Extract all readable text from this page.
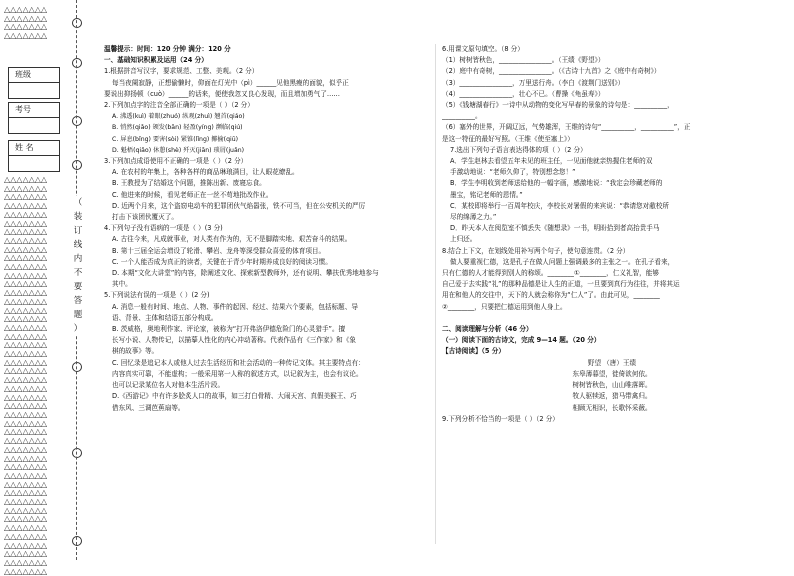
△△△△△△△
△△△△△△△
△△△△△△△
△△△△△△△
班级
考号
姓 名
△△△△△△△
△△△△△△△
△△△△△△△
△△△△△△△
△△△△△△△
△△△△△△△
△△△△△△△
△△△△△△△
△△△△△△△
△△△△△△△
△△△△△△△
△△△△△△△
△△△△△△△
△△△△△△△
△△△△△△△
△△△△△△△
△△△△△△△
△△△△△△△
△△△△△△△
△△△△△△△
△△△△△△△
△△△△△△△
△△△△△△△
△△△△△△△
△△△△△△△
△△△△△△△
△△△△△△△
△△△△△△△
△△△△△△△
△△△△△△△
△△△△△△△
△△△△△△△
△△△△△△△
△△△△△△△
△△△△△△△
△△△△△△△
△△△△△△△
△△△△△△△
△△△△△△△
△△△△△△△
△△△△△△△
△△△△△△△
△△△△△△△
△△△△△△△
△△△△△△△
△△△△△△△
（
装
订
线
内
不
要
答
题
）
温馨提示：时间：120 分钟 满分：120 分
一、基础知识积累及运用（24 分）
1.根据拼音写汉字，要求规范、工整、美观。（2 分）
每当夜阑寂静，正想偷懒时，仰面在灯光中（pì）______见他黑瘦的面貌，似乎正
要说出抑扬顿（cuò）______的话来，便使我忽又良心发现，而且增加勇气了……
2.下列加点字的注音全部正确的一项是（ ）（2 分）
A. 沸透(kuì) 着眼(zhuó) 纵观(zhuì) 翘首(qiáo)
B. 悄然(qiǎo) 颁发(bān) 轻盈(yíng) 濒临(qiú)
C. 屏息(bǐng) 要害(sòi) 紧锥(lǐng) 揶揄(qiū)
D. 魁梧(qiǎo) 休憩(shè) 歼灭(jiān) 琐屑(juǎn)
3.下列加点成语使用不正确的一项是（ ）（2 分）
A. 在农村的年集上，各种各样的商品琳琅满目，让人眼花缭乱。
B. 王教授为了结婚这个问题，推陈出新、废寝忘食。
C. 他进来的时候，看见老师正在一丝不苟地批改作业。
D. 近两个月来，这个盗窃电动车的犯罪团伙气焰嚣张，铁不可当，但在公安机关的严厉
打击下该团伙覆灭了。
4.下列句子没有语病的一项是（ ）(3 分)
A. 古往今来，凡成就事业，对人类有作为的，无不是脚踏实地、艰苦奋斗的结果。
B. 第十三届全运会增设了轮滑、攀岩、龙舟等深受群众喜爱的体育项目。
C. 一个人能否成为真正的读者，关键在于青少年时期养成良好的阅读习惯。
D. 本期“文化大讲堂”的内容，除阐述文化、探索新型教师外，还有说明、攀扶优秀地地参与
其中。
5.下列说法有误的一项是（ ）(2 分)
A. 消息一般有时间、地点、人物、事件的起因、经过、结果六个要素，包括标题、导
语、背景、主体和结语五部分构成。
B. 茨威格，奥地利作家、评论家，被称为“打开弗洛伊德危险门的心灵猎手”。擅
长写小说、人物传记，以描摹人性化的内心冲动著称。代表作品有《三作家》和《象
棋的故事》等。
C. 回忆录是追记本人或他人过去生活经历和社会活动的一种传记文体。其主要特点有：
内容真实可靠，不能虚构；一般采用第一人称的叙述方式，以记叙为主，也会有议论。
也可以记录某位名人对他本生活片段。
D.《西游记》中有许多脍炙人口的故事，如三打白骨精、大闹天宫、真假美猴王、巧
借东风、三调芭蕉扇等。
6.用课文原句填空。（8 分）
（1）树树皆秋色，________________。（王绩《野望》）
（2）庭中有奇树，________________。（《古诗十九首》之《庭中有奇树》）
（3）________________，万里送行舟。（李白《渡荆门送别》）
（4）________________，壮心不已。（曹操《龟虽寿》）
（5）《钱塘湖春行》一诗中从动物的变化写早春的景象的诗句是：__________，
__________。
（6）塞外的世界，开阔辽远，气势雄浑，王维的诗句“__________，__________”，正
是这一特征的最好写照。（王维《使至塞上》）
7.选出下列句子语言表达得体的项（ ）（2 分）
A．学生赵林去看望五年未见的班主任，一见面他就亲热握住老师的双
手激动地说：“老师久仰了，特别想念您！”
B．学生李明收到老师送给他的一幅字画，感激地说：“我定会珍藏老师的
墨宝，铭记老师的恩情。”
C．某校即将举行一百周年校庆，李校长对暑假的来宾说：“恭请您对敝校所
尽的绵薄之力。”
D．昨天本人在阅览室不慎丢失《随想录》一书，明盼拾到者高抬贵手马
上归还。
8.结合上下文，在划线处用补写两个句子，使句意连贯。（2 分）
做人要重视仁德，这是孔子在做人问题上强调最多的主张之一。在孔子看来，
只有仁德的人才能得到别人的称颂。________①________，仁义礼智，能够
自己爱于去实践“礼”的那种品德是让人生的正道，一旦要到真行为往往，并将其运
用在和他人的交往中，天下的人就会称你为“仁人”了。由此可见，________
②________，只要把仁德运用到他人身上。

二、阅读理解与分析（46 分）
（一）阅读下面的古诗文，完成 9—14 题。（20 分）
【古诗阅读】（5 分）
野望 （唐）王绩
东皋薄暮望，徙倚欲何依。
树树皆秋色，山山唯落晖。
牧人驱犊返，猎马带禽归。
相顾无相识，长歌怀采薇。
9.下列分析不恰当的一项是（ ）（2 分）
